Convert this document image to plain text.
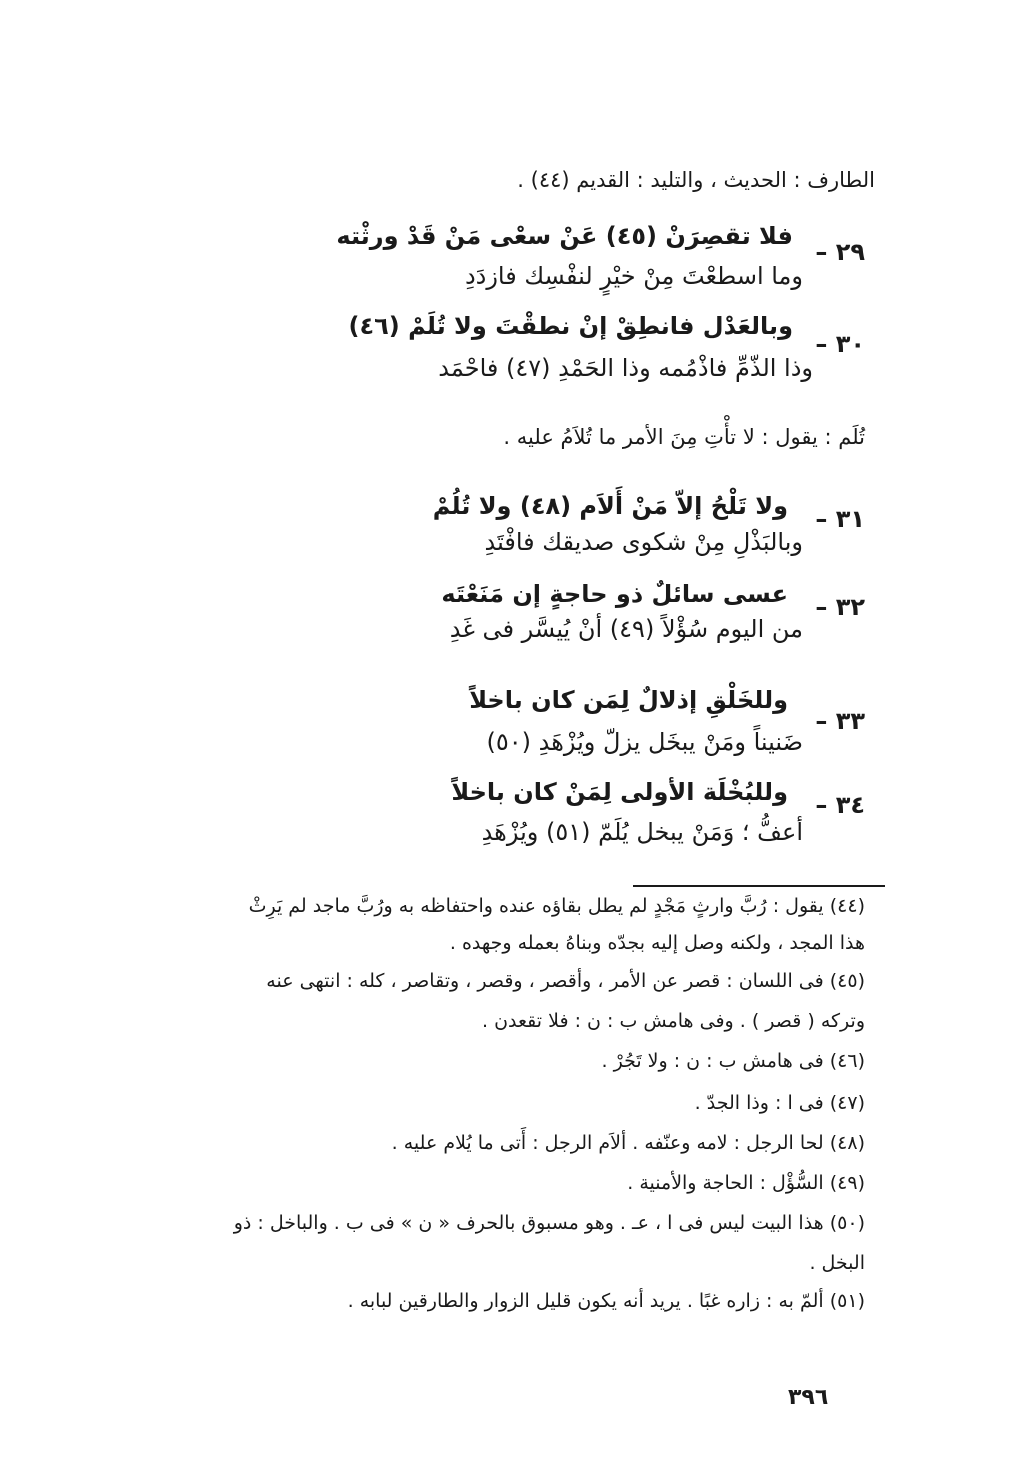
الطارف : الحديث ، والتليد : القديم (٤٤) .
٢٩ –
فلا تقصِرَنْ (٤٥) عَنْ سعْى مَنْ قَدْ ورثْته
وما اسطعْتَ مِنْ خيْرٍ لنفْسِك فازدَدِ
٣٠ –
وبالعَدْل فانطِقْ إنْ نطقْتَ ولا تُلَمْ (٤٦)
وذا الذّمِّ فاذْمُمه وذا الحَمْدِ (٤٧) فاحْمَد
تُلَم : يقول : لا تأْتِ مِنَ الأمر ما تُلاَمُ عليه .
٣١ –
ولا تَلْحُ إلاّ مَنْ أَلاَم (٤٨) ولا تُلُمْ
وبالبَذْلِ مِنْ شكوى صديقك فافْتَدِ
٣٢ –
عسى سائلٌ ذو حاجةٍ إن مَنَعْتَه
من اليوم سُؤْلاً (٤٩) أنْ يُيسَّر فى غَدِ
٣٣ –
وللخَلْقِ إذلالٌ لِمَن كان باخلاً
ضَنيناً ومَنْ يبخَل يزلّ ويُزْهَدِ (٥٠)
٣٤ –
وللبُخْلَة الأولى لِمَنْ كان باخلاً
أعفُّ ؛ وَمَنْ يبخل يُلَمّ (٥١) ويُزْهَدِ
(٤٤) يقول : رُبَّ وارثٍ مَجْدٍ لم يطل بقاؤه عنده واحتفاظه به ورُبَّ ماجد لم يَرِثْ
هذا المجد ، ولكنه وصل إليه بجدّه وبناهُ بعمله وجهده .
(٤٥) فى اللسان : قصر عن الأمر ، وأقصر ، وقصر ، وتقاصر ، كله : انتهى عنه
وتركه ( قصر ) . وفى هامش ب : ن : فلا تقعدن .
(٤٦) فى هامش ب : ن : ولا تَجُرْ .
(٤٧) فى ا : وذا الجدّ .
(٤٨) لحا الرجل : لامه وعنّفه . ألاَم الرجل : أَتى ما يُلام عليه .
(٤٩) السُّؤْل : الحاجة والأمنية .
(٥٠) هذا البيت ليس فى ا ، عـ . وهو مسبوق بالحرف « ن » فى ب . والباخل : ذو
البخل .
(٥١) ألمّ به : زاره غبًا . يريد أنه يكون قليل الزوار والطارقين لبابه .
٣٩٦
